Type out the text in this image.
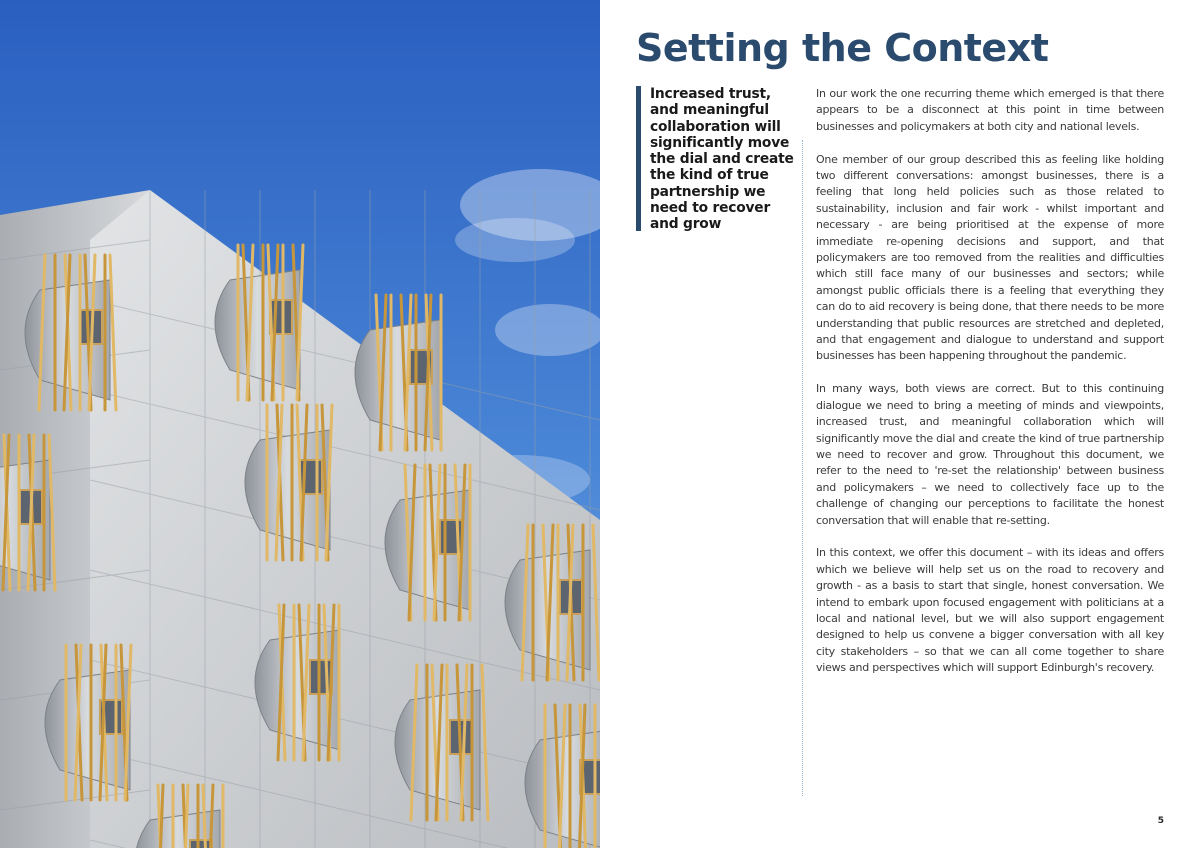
Setting the Context
Increased trust, and meaningful collaboration will significantly move the dial and create the kind of true partnership we need to recover and grow

In our work the one recurring theme which emerged is that there appears to be a disconnect at this point in time between businesses and policymakers at both city and national levels.

One member of our group described this as feeling like holding two different conversations: amongst businesses, there is a feeling that long held policies such as those related to sustainability, inclusion and fair work - whilst important and necessary - are being prioritised at the expense of more immediate re-opening decisions and support, and that policymakers are too removed from the realities and difficulties which still face many of our businesses and sectors; while amongst public officials there is a feeling that everything they can do to aid recovery is being done, that there needs to be more understanding that public resources are stretched and depleted, and that engagement and dialogue to understand and support businesses has been happening throughout the pandemic.

In many ways, both views are correct. But to this continuing dialogue we need to bring a meeting of minds and viewpoints, increased trust, and meaningful collaboration which will significantly move the dial and create the kind of true partnership we need to recover and grow. Throughout this document, we refer to the need to 're-set the relationship' between business and policymakers – we need to collectively face up to the challenge of changing our perceptions to facilitate the honest conversation that will enable that re-setting.

In this context, we offer this document – with its ideas and offers which we believe will help set us on the road to recovery and growth - as a basis to start that single, honest conversation. We intend to embark upon focused engagement with politicians at a local and national level, but we will also support engagement designed to help us convene a bigger conversation with all key city stakeholders – so that we can all come together to share views and perspectives which will support Edinburgh's recovery.

5
